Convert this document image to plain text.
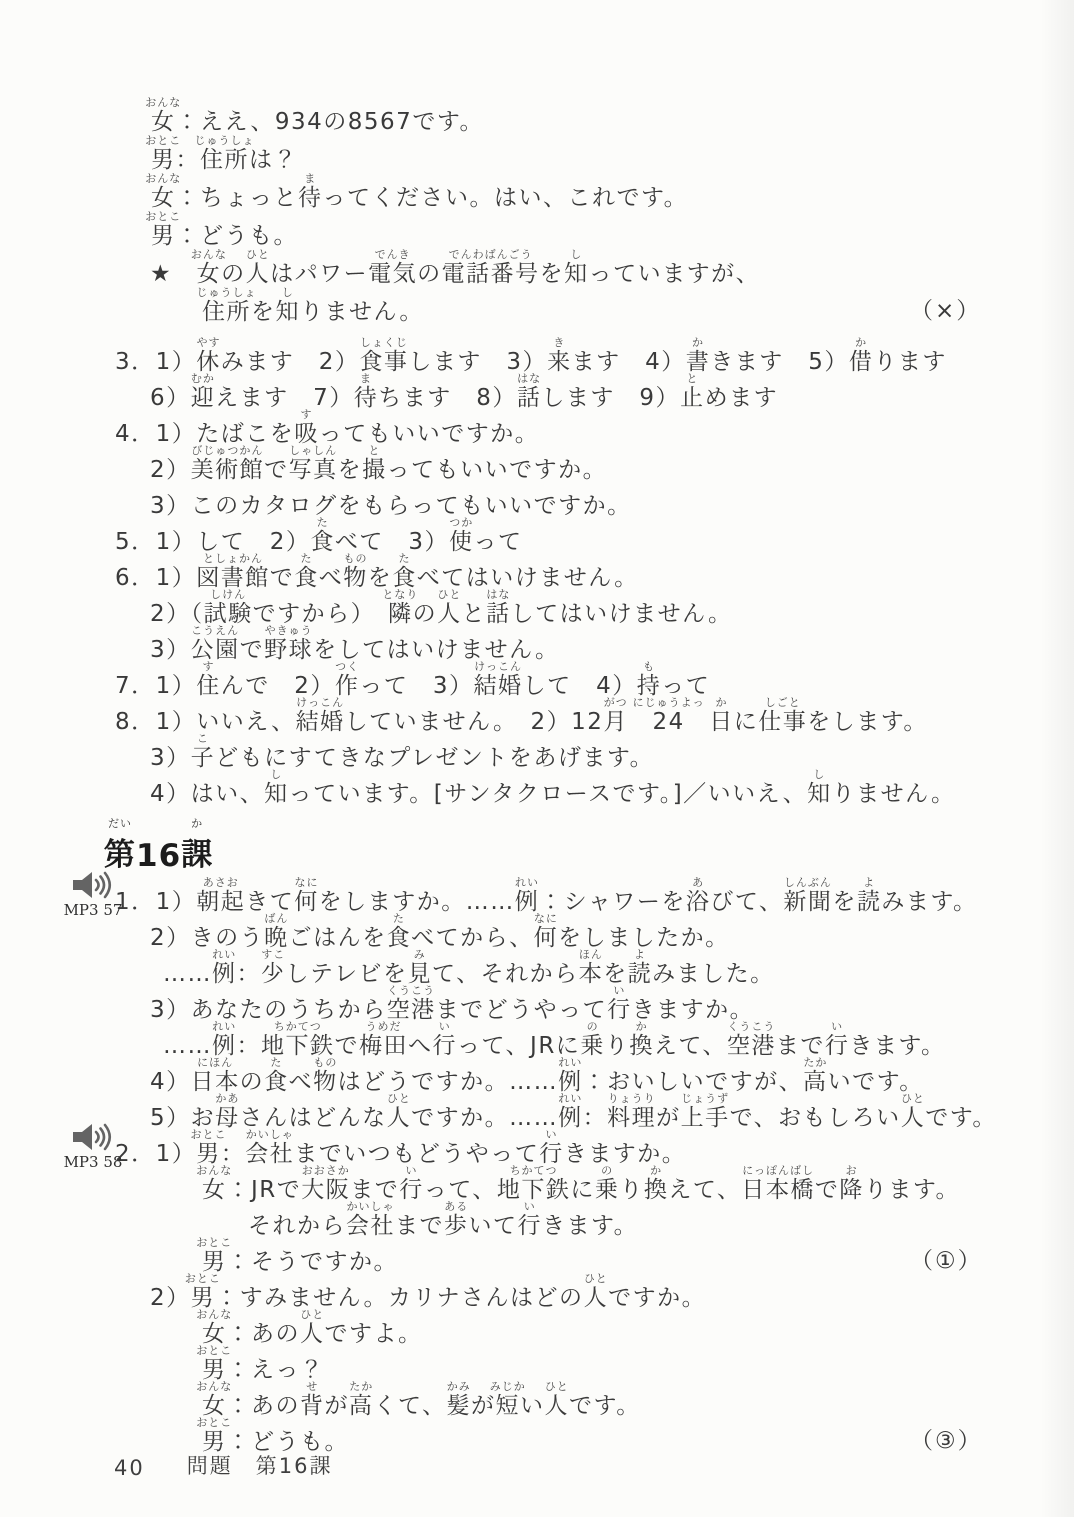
女
おんな
：ええ、934の8567です。
男
おとこ
： 住所
じゅうしょ
は？
女
おんな
：ちょっと 待
ま
ってください。はい、これです。
男
おとこ
：どうも。
★　 女
おんな
の 人
ひと
はパワー 電気
でんき
の 電話番号
でんわばんごう
を 知
し
っていますが、
住所
じゅうしょ
を 知
し
りません。	（×）
3．1） 休
やす
みます　2） 食事
しょくじ
します　3） 来
き
ます　4） 書
か
きます　5） 借
か
ります
6） 迎
むか
えます　7） 待
ま
ちます　8） 話
はな
します　9） 止
と
めます
4．1）たばこを 吸
す
ってもいいですか。
2） 美術館
びじゅつかん
で 写真
しゃしん
を 撮
と
ってもいいですか。
3）このカタログをもらってもいいですか。
5．1）して　2） 食
た
べて　3） 使
つか
って
6．1） 図書館
としょかん
で 食
た
べ 物
もの
を 食
た
べてはいけません。
2）（ 試験
しけん
ですから）　 隣
となり
の 人
ひと
と 話
はな
してはいけません。
3） 公園
こうえん
で 野球
やきゅう
をしてはいけません。
7．1） 住
す
んで　2） 作
つく
って　3） 結婚
けっこん
して　4） 持
も
って
8．1）いいえ、 結婚
けっこん
していません。　2）12 月
がつ

24
にじゅうよっ

日
か
に 仕事
しごと
をします。
3） 子
こ
どもにすてきなプレゼントをあげます。
4）はい、 知
し
っています。[サンタクロースです。]／いいえ、 知
し
りません。
第
だい
16 課
か
1．1） 朝起
あさお
きて 何
なに
をしますか。…… 例
れい
：シャワーを 浴
あ
びて、 新聞
しんぶん
を 読
よ
みます。
2）きのう 晩
ばん
ごはんを 食
た
べてから、 何
なに
をしましたか。
…… 例
れい
： 少
すこ
しテレビを 見
み
て、それから 本
ほん
を 読
よ
みました。
3）あなたのうちから 空港
くうこう
までどうやって 行
い
きますか。
…… 例
れい
： 地下鉄
ちかてつ
で 梅田
うめだ
へ 行
い
って、JRに 乗
の
り 換
か
えて、 空港
くうこう
まで 行
い
きます。
4） 日本
にほん
の 食
た
べ 物
もの
はどうですか。…… 例
れい
：おいしいですが、 高
たか
いです。
5）お 母
かあ
さんはどんな 人
ひと
ですか。…… 例
れい
： 料理
りょうり
が 上手
じょうず
で、おもしろい 人
ひと
です。
MP3 57
2．1） 男
おとこ
： 会社
かいしゃ
までいつもどうやって 行
い
きますか。
女
おんな
：JRで 大阪
おおさか
まで 行
い
って、 地下鉄
ちかてつ
に 乗
の
り 換
か
えて、 日本橋
にっぽんばし
で 降
お
ります。
それから 会社
かいしゃ
まで 歩
ある
いて 行
い
きます。
男
おとこ
：そうですか。	（①）
2） 男
おとこ
：すみません。カリナさんはどの 人
ひと
ですか。
女
おんな
：あの 人
ひと
ですよ。
男
おとこ
：えっ？
女
おんな
：あの 背
せ
が 高
たか
くて、 髪
かみ
が 短
みじか
い 人
ひと
です。
男
おとこ
：どうも。	（③）
MP3 58
40	問題　第16課
